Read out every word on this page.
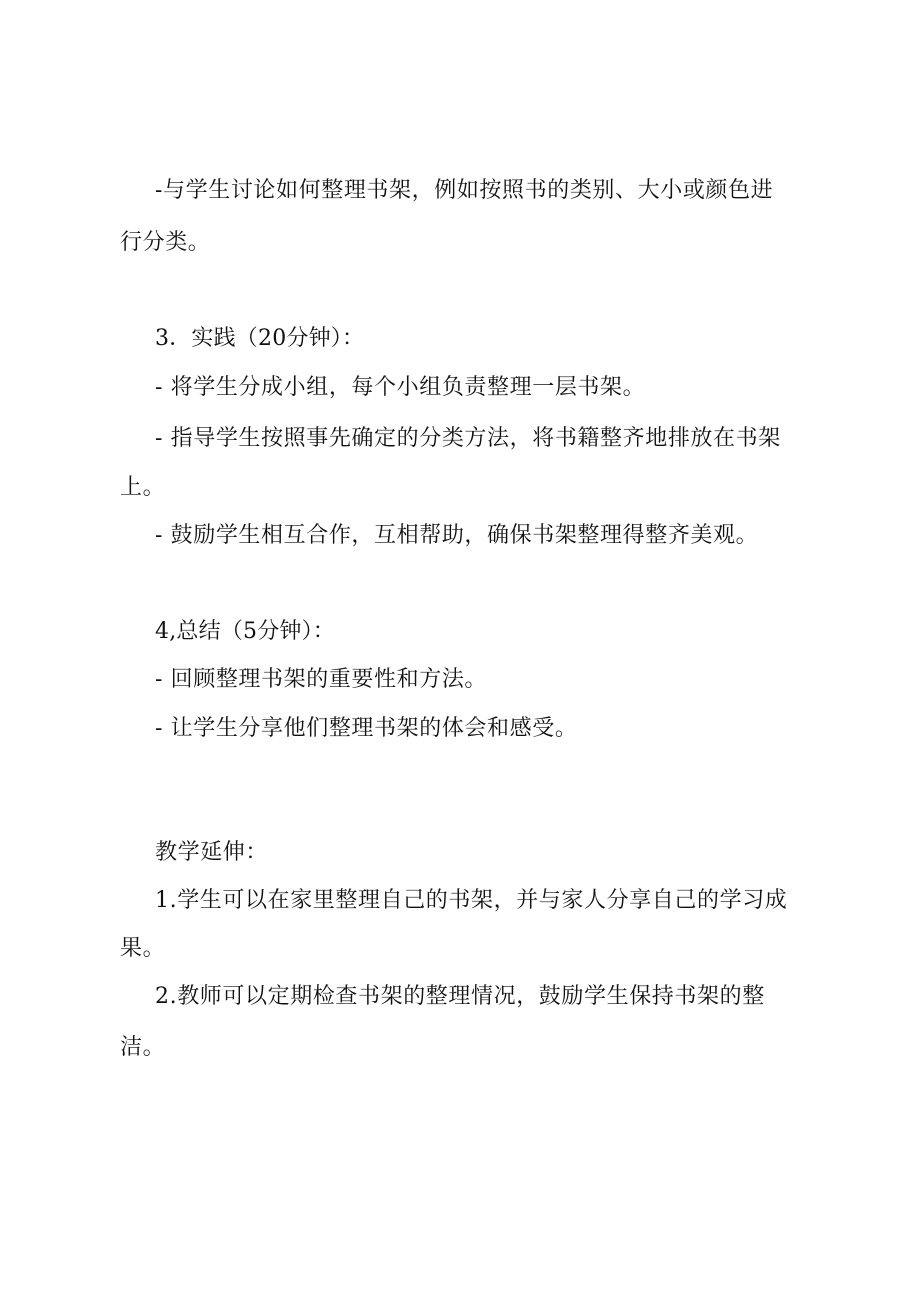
-与学生讨论如何整理书架，例如按照书的类别、大小或颜色进
行分类。
3．实践（20分钟）：
- 将学生分成小组，每个小组负责整理一层书架。
- 指导学生按照事先确定的分类方法，将书籍整齐地排放在书架
上。
- 鼓励学生相互合作，互相帮助，确保书架整理得整齐美观。
4,总结（5分钟）：
- 回顾整理书架的重要性和方法。
- 让学生分享他们整理书架的体会和感受。
教学延伸：
1.学生可以在家里整理自己的书架，并与家人分享自己的学习成
果。
2.教师可以定期检查书架的整理情况，鼓励学生保持书架的整
洁。
